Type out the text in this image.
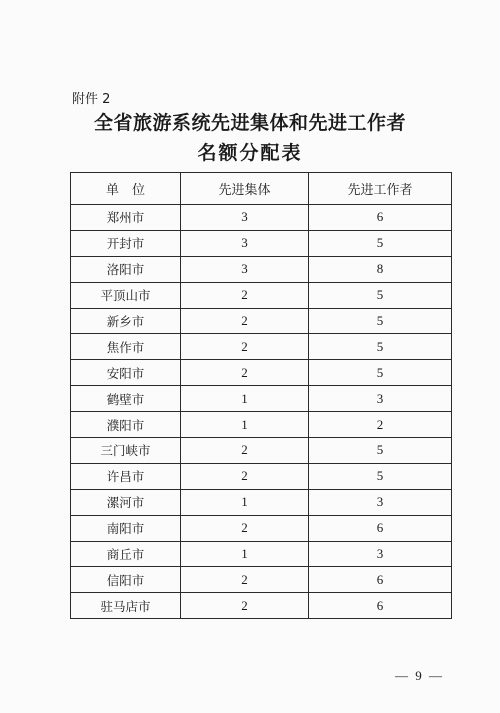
附件 2
全省旅游系统先进集体和先进工作者
名额分配表
单　位	先进集体	先进工作者
郑州市	3	6
开封市	3	5
洛阳市	3	8
平顶山市	2	5
新乡市	2	5
焦作市	2	5
安阳市	2	5
鹤壁市	1	3
濮阳市	1	2
三门峡市	2	5
许昌市	2	5
漯河市	1	3
南阳市	2	6
商丘市	1	3
信阳市	2	6
驻马店市	2	6
— 9 —
